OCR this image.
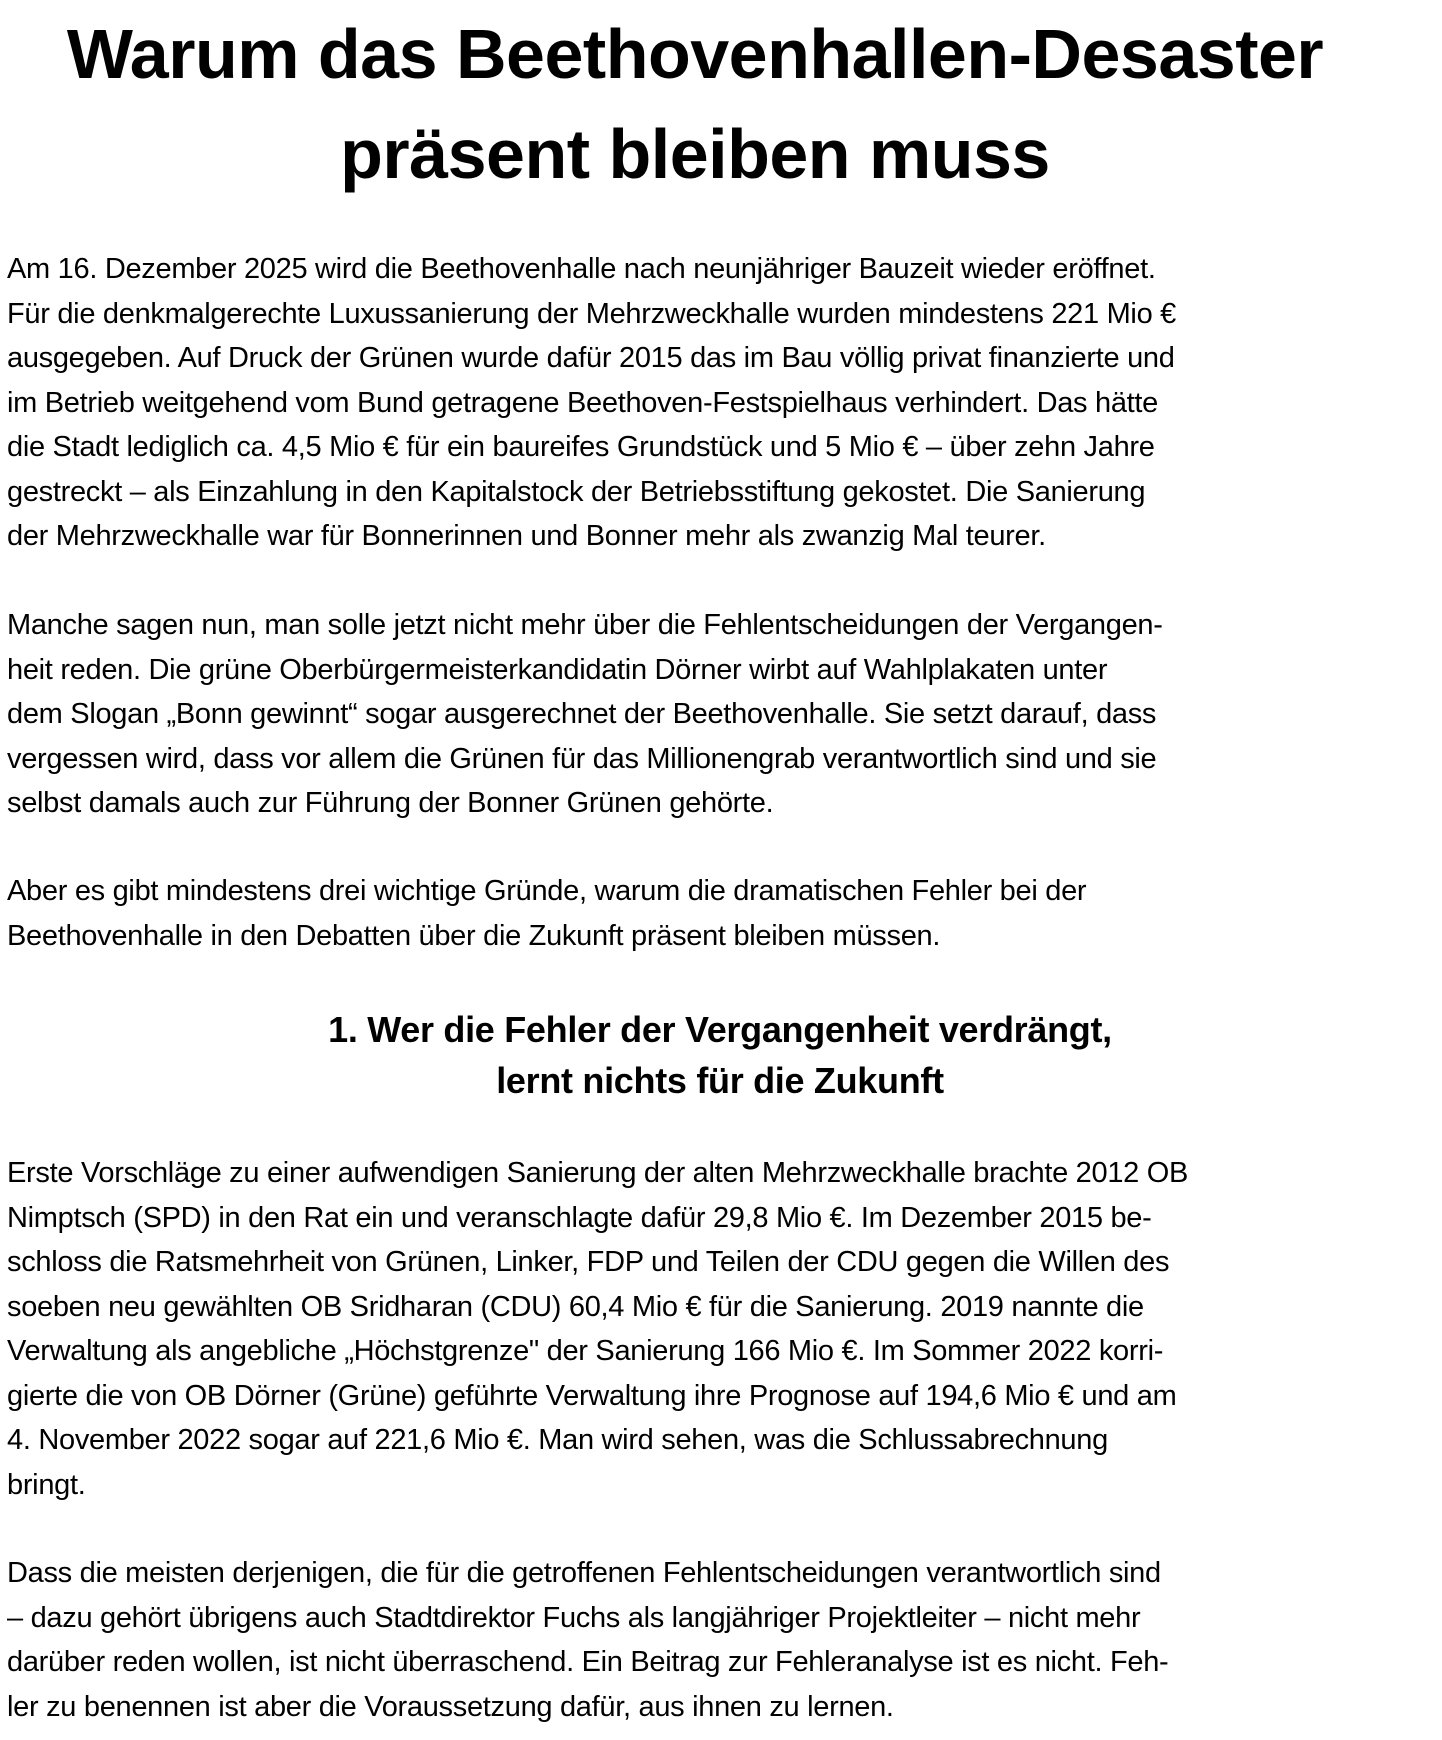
Warum das Beethovenhallen-Desaster
präsent bleiben muss
Am 16. Dezember 2025 wird die Beethovenhalle nach neunjähriger Bauzeit wieder eröffnet.
Für die denkmalgerechte Luxussanierung der Mehrzweckhalle wurden mindestens 221 Mio €
ausgegeben. Auf Druck der Grünen wurde dafür 2015 das im Bau völlig privat finanzierte und
im Betrieb weitgehend vom Bund getragene Beethoven-Festspielhaus verhindert. Das hätte
die Stadt lediglich ca. 4,5 Mio € für ein baureifes Grundstück und 5 Mio € – über zehn Jahre
gestreckt – als Einzahlung in den Kapitalstock der Betriebsstiftung gekostet. Die Sanierung
der Mehrzweckhalle war für Bonnerinnen und Bonner mehr als zwanzig Mal teurer.
Manche sagen nun, man solle jetzt nicht mehr über die Fehlentscheidungen der Vergangen-
heit reden. Die grüne Oberbürgermeisterkandidatin Dörner wirbt auf Wahlplakaten unter
dem Slogan „Bonn gewinnt“ sogar ausgerechnet der Beethovenhalle. Sie setzt darauf, dass
vergessen wird, dass vor allem die Grünen für das Millionengrab verantwortlich sind und sie
selbst damals auch zur Führung der Bonner Grünen gehörte.
Aber es gibt mindestens drei wichtige Gründe, warum die dramatischen Fehler bei der
Beethovenhalle in den Debatten über die Zukunft präsent bleiben müssen.
1. Wer die Fehler der Vergangenheit verdrängt,
lernt nichts für die Zukunft
Erste Vorschläge zu einer aufwendigen Sanierung der alten Mehrzweckhalle brachte 2012 OB
Nimptsch (SPD) in den Rat ein und veranschlagte dafür 29,8 Mio €. Im Dezember 2015 be-
schloss die Ratsmehrheit von Grünen, Linker, FDP und Teilen der CDU gegen die Willen des
soeben neu gewählten OB Sridharan (CDU) 60,4 Mio € für die Sanierung. 2019 nannte die
Verwaltung als angebliche „Höchstgrenze" der Sanierung 166 Mio €. Im Sommer 2022 korri-
gierte die von OB Dörner (Grüne) geführte Verwaltung ihre Prognose auf 194,6 Mio € und am
4. November 2022 sogar auf 221,6 Mio €. Man wird sehen, was die Schlussabrechnung
bringt.
Dass die meisten derjenigen, die für die getroffenen Fehlentscheidungen verantwortlich sind
– dazu gehört übrigens auch Stadtdirektor Fuchs als langjähriger Projektleiter – nicht mehr
darüber reden wollen, ist nicht überraschend. Ein Beitrag zur Fehleranalyse ist es nicht. Feh-
ler zu benennen ist aber die Voraussetzung dafür, aus ihnen zu lernen.
